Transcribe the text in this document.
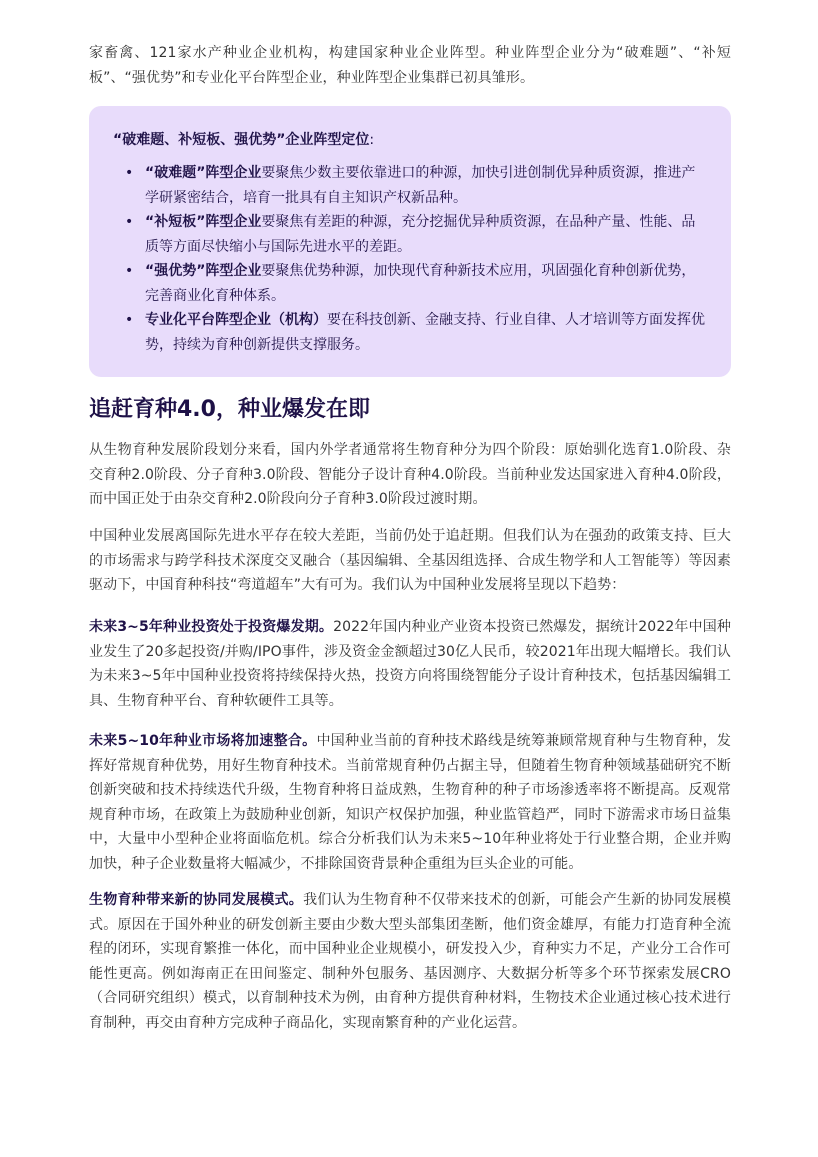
家畜禽、121家水产种业企业机构，构建国家种业企业阵型。种业阵型企业分为“破难题”、“补短板”、“强优势”和专业化平台阵型企业，种业阵型企业集群已初具雏形。

“破难题、补短板、强优势”企业阵型定位:
• “破难题”阵型企业要聚焦少数主要依靠进口的种源，加快引进创制优异种质资源，推进产学研紧密结合，培育一批具有自主知识产权新品种。
• “补短板”阵型企业要聚焦有差距的种源，充分挖掘优异种质资源，在品种产量、性能、品质等方面尽快缩小与国际先进水平的差距。
• “强优势”阵型企业要聚焦优势种源，加快现代育种新技术应用，巩固强化育种创新优势，完善商业化育种体系。
• 专业化平台阵型企业（机构）要在科技创新、金融支持、行业自律、人才培训等方面发挥优势，持续为育种创新提供支撑服务。
追赶育种4.0，种业爆发在即

从生物育种发展阶段划分来看，国内外学者通常将生物育种分为四个阶段：原始驯化选育1.0阶段、杂交育种2.0阶段、分子育种3.0阶段、智能分子设计育种4.0阶段。当前种业发达国家进入育种4.0阶段，而中国正处于由杂交育种2.0阶段向分子育种3.0阶段过渡时期。

中国种业发展离国际先进水平存在较大差距，当前仍处于追赶期。但我们认为在强劲的政策支持、巨大的市场需求与跨学科技术深度交叉融合（基因编辑、全基因组选择、合成生物学和人工智能等）等因素驱动下，中国育种科技“弯道超车”大有可为。我们认为中国种业发展将呈现以下趋势：

未来3~5年种业投资处于投资爆发期。2022年国内种业产业资本投资已然爆发，据统计2022年中国种业发生了20多起投资/并购/IPO事件，涉及资金金额超过30亿人民币，较2021年出现大幅增长。我们认为未来3~5年中国种业投资将持续保持火热，投资方向将围绕智能分子设计育种技术，包括基因编辑工具、生物育种平台、育种软硬件工具等。

未来5~10年种业市场将加速整合。中国种业当前的育种技术路线是统筹兼顾常规育种与生物育种，发挥好常规育种优势，用好生物育种技术。当前常规育种仍占据主导，但随着生物育种领域基础研究不断创新突破和技术持续迭代升级，生物育种将日益成熟，生物育种的种子市场渗透率将不断提高。反观常规育种市场，在政策上为鼓励种业创新，知识产权保护加强，种业监管趋严，同时下游需求市场日益集中，大量中小型种企业将面临危机。综合分析我们认为未来5~10年种业将处于行业整合期，企业并购加快，种子企业数量将大幅减少，不排除国资背景种企重组为巨头企业的可能。

生物育种带来新的协同发展模式。我们认为生物育种不仅带来技术的创新，可能会产生新的协同发展模式。原因在于国外种业的研发创新主要由少数大型头部集团垄断，他们资金雄厚，有能力打造育种全流程的闭环，实现育繁推一体化，而中国种业企业规模小，研发投入少，育种实力不足，产业分工合作可能性更高。例如海南正在田间鉴定、制种外包服务、基因测序、大数据分析等多个环节探索发展CRO（合同研究组织）模式，以育制种技术为例，由育种方提供育种材料，生物技术企业通过核心技术进行育制种，再交由育种方完成种子商品化，实现南繁育种的产业化运营。
